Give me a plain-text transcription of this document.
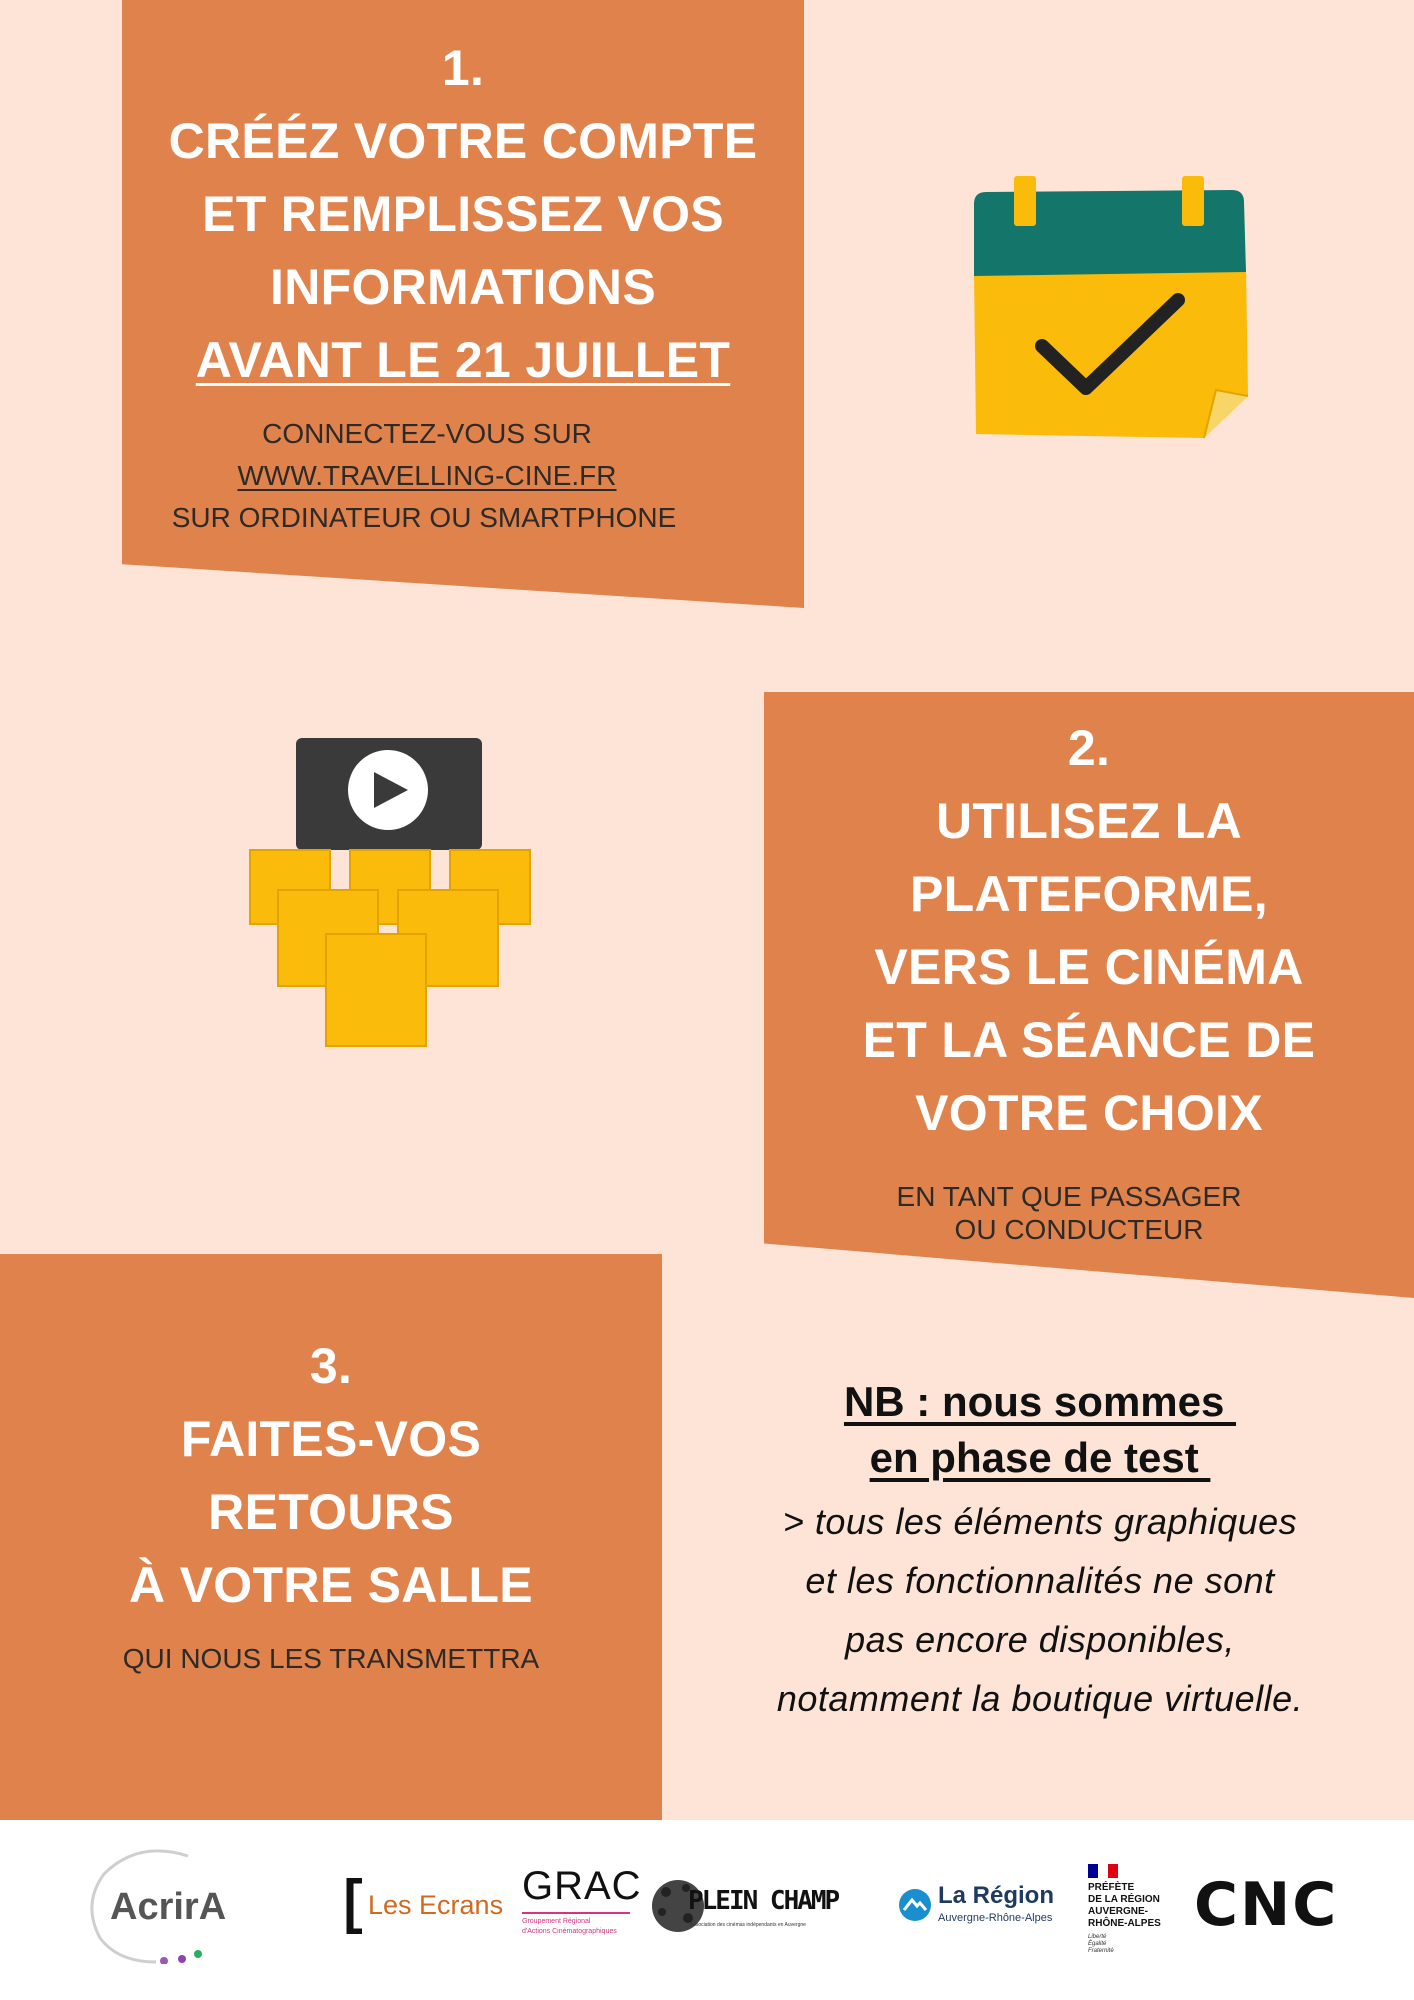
1.
CRÉÉZ VOTRE COMPTE
ET REMPLISSEZ VOS
INFORMATIONS
AVANT LE 21 JUILLET
CONNECTEZ-VOUS SUR
WWW.TRAVELLING-CINE.FR
SUR ORDINATEUR OU SMARTPHONE
2.
UTILISEZ LA
PLATEFORME,
VERS LE CINÉMA
ET LA SÉANCE DE
VOTRE CHOIX
EN TANT QUE PASSAGER
OU CONDUCTEUR
3.
FAITES-VOS
RETOURS
À VOTRE SALLE
QUI NOUS LES TRANSMETTRA
NB : nous sommes
en phase de test
> tous les éléments graphiques
et les fonctionnalités ne sont
pas encore disponibles,
notamment la boutique virtuelle.
AcrirA	Les Ecrans GRAC
Groupement Régional
d'Actions Cinématographiques
PLEIN CHAMP
Association des cinémas indépendants en Auvergne
La Région
Auvergne-Rhône-Alpes
PRÉFÈTE
DE LA RÉGION
AUVERGNE-
RHÔNE-ALPES
Liberté
Égalité
Fraternité
CNC
